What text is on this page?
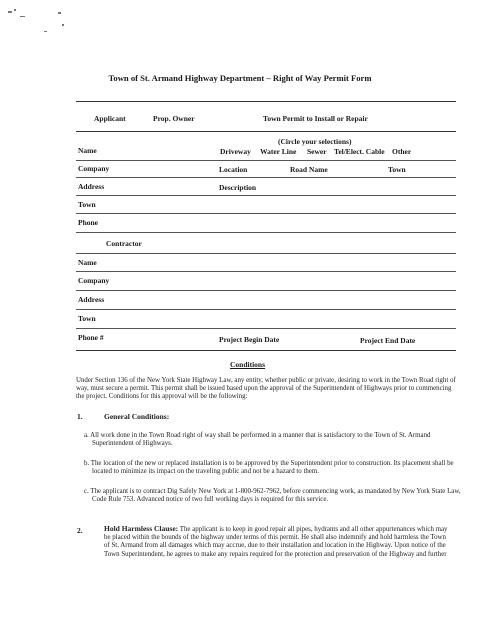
Town of St. Armand Highway Department – Right of Way Permit Form
Applicant	Prop. Owner	Town Permit to Install or Repair
(Circle your selections)
Name	Driveway Water Line Sewer Tel/Elect. Cable Other
Company	Location	Road Name	Town
Address	Description
Town
Phone
Contractor
Name
Company
Address
Town
Phone #	Project Begin Date	Project End Date
Conditions
Under Section 136 of the New York State Highway Law, any entity, whether public or private, desiring to work in the Town Road right of way, must secure a permit. This permit shall be issued based upon the approval of the Superintendent of Highways prior to commencing the project. Conditions for this approval will be the following:
1.	General Conditions:
a. All work done in the Town Road right of way shall be performed in a manner that is satisfactory to the Town of St. Armand Superintendent of Highways.
b. The location of the new or replaced installation is to be approved by the Superintendent prior to construction. Its placement shall be located to minimize its impact on the traveling public and not be a hazard to them.
c. The applicant is to contract Dig Safely New York at 1-800-962-7962, before commencing work, as mandated by New York State Law, Code Rule 753. Advanced notice of two full working days is required for this service.
2.	Hold Harmless Clause: The applicant is to keep in good repair all pipes, hydrants and all other appurtenances which may be placed within the bounds of the highway under terms of this permit. He shall also indemnify and hold harmless the Town of St. Armand from all damages which may accrue, due to their installation and location in the Highway. Upon notice of the Town Superintendent, he agrees to make any repairs required for the protection and preservation of the Highway and further
